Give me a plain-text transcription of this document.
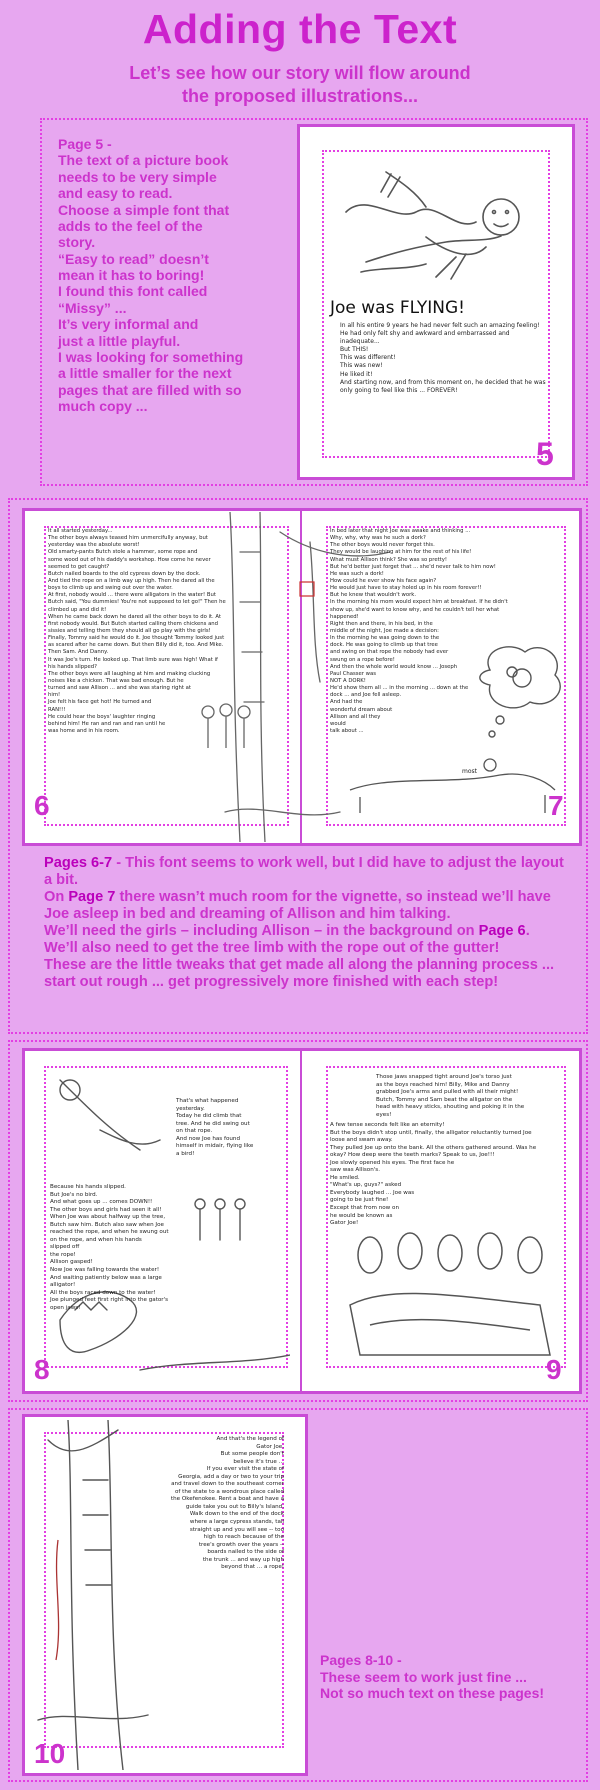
Adding the Text
Let’s see how our story will flow around
the proposed illustrations...
Page 5 -
The text of a picture book
needs to be very simple
and easy to read.
Choose a simple font that
adds to the feel of the
story.
“Easy to read” doesn’t
mean it has to boring!
I found this font called
“Missy” ...
It’s very informal and
just a little playful.
I was looking for something
a little smaller for the next
pages that are filled with so
much copy ...
Joe was FLYING!
In all his entire 9 years he had never felt such an amazing feeling!
He had only felt shy and awkward and embarrassed and inadequate...
But THIS!
This was different!
This was new!
He liked it!
And starting now, and from this moment on, he decided that he was
only going to feel like this ... FOREVER!
5
It all started yesterday...
The other boys always teased him unmercifully anyway, but
yesterday was the absolute worst!
Old smarty-pants Butch stole a hammer, some rope and
some wood out of his daddy's workshop. How come he never
seemed to get caught?
Butch nailed boards to the old cypress down by the dock.
And tied the rope on a limb way up high. Then he dared all the
boys to climb up and swing out over the water.
At first, nobody would ... there were alligators in the water! But
Butch said, "You dummies! You're not supposed to let go!" Then he
climbed up and did it!
When he came back down he dared all the other boys to do it. At
first nobody would. But Butch started calling them chickens and
sissies and telling them they should all go play with the girls!
Finally, Tommy said he would do it. Joe thought Tommy looked just
as scared after he came down. But then Billy did it, too. And Mike.
Then Sam. And Danny.
It was Joe's turn. He looked up. That limb sure was high! What if
his hands slipped?
The other boys were all laughing at him and making clucking
noises like a chicken. That was bad enough. But he
turned and saw Allison ... and she was staring right at
him!
Joe felt his face get hot! He turned and
RAN!!!
He could hear the boys' laughter ringing
behind him! He ran and ran and ran until he
was home and in his room.
In bed later that night Joe was awake and thinking ...
Why, why, why was he such a dork?
The other boys would never forget this.
They would be laughing at him for the rest of his life!
What must Allison think? She was so pretty!
But he'd better just forget that ... she'd never talk to him now!
He was such a dork!
How could he ever show his face again?
He would just have to stay holed up in his room forever!!
But he knew that wouldn't work.
In the morning his mom would expect him at breakfast. If he didn't
show up, she'd want to know why, and he couldn't tell her what
happened!
Right then and there, in his bed, in the
middle of the night, Joe made a decision:
In the morning he was going down to the
dock. He was going to climb up that tree
and swing on that rope the nobody had ever
swung on a rope before!
And then the whole world would know ... Joseph
Paul Chasser was
NOT A DORK!
He'd show them all ... in the morning ... down at the
dock ... and Joe fell asleep.
And had the
wonderful dream about
Allison and all they
would
talk about ...
most
6	7
Pages 6-7 - This font seems to work well, but I did have to adjust the layout a bit.
On Page 7 there wasn’t much room for the vignette, so instead we’ll have Joe asleep in bed and dreaming of Allison and him talking.
We’ll need the girls – including Allison – in the background on Page 6.
We’ll also need to get the tree limb with the rope out of the gutter!
These are the little tweaks that get made all along the planning process ... start out rough ... get progressively more finished with each step!
That's what happened
yesterday.
Today he did climb that
tree. And he did swing out
on that rope.
And now Joe has found
himself in midair, flying like
a bird!
Because his hands slipped.
But Joe's no bird.
And what goes up ... comes DOWN!!
The other boys and girls had seen it all!
When Joe was about halfway up the tree,
Butch saw him. Butch also saw when Joe
reached the rope, and when he swung out
on the rope, and when his hands
slipped off
the rope!
Allison gasped!
Now Joe was falling towards the water!
And waiting patiently below was a large
alligator!
All the boys raced down to the water!
Joe plunged feet first right into the gator's
open jaws!
Those jaws snapped tight around Joe's torso just
as the boys reached him! Billy, Mike and Danny
grabbed Joe's arms and pulled with all their might!
Butch, Tommy and Sam beat the alligator on the
head with heavy sticks, shouting and poking it in the
eyes!
A few tense seconds felt like an eternity!
But the boys didn't stop until, finally, the alligator reluctantly turned Joe
loose and swam away.
They pulled Joe up onto the bank. All the others gathered around. Was he
okay? How deep were the teeth marks? Speak to us, Joe!!!
Joe slowly opened his eyes. The first face he
saw was Allison's.
He smiled.
"What's up, guys?" asked
Everybody laughed ... Joe was
going to be just fine!
Except that from now on
he would be known as
Gator Joe!
8	9
And that's the legend of
Gator Joe.
But some people don't
believe it's true ...
If you ever visit the state of
Georgia, add a day or two to your trip
and travel down to the southeast corner
of the state to a wondrous place called
the Okefenokee. Rent a boat and have a
guide take you out to Billy's Island.
Walk down to the end of the dock
where a large cypress stands, tall
straight up and you will see -- too
high to reach because of the
tree's growth over the years --
boards nailed to the side of
the trunk ... and way up high
beyond that ... a rope!
10
Pages 8-10 -
These seem to work just fine ...
Not so much text on these pages!
